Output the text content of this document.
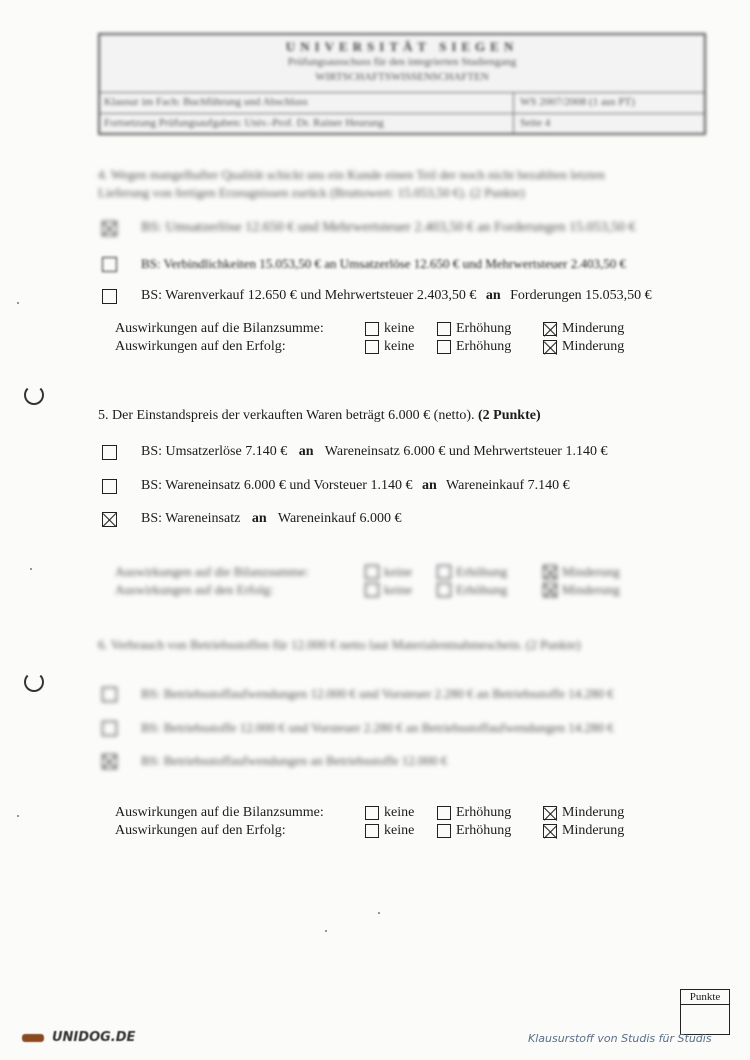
UNIVERSITÄT SIEGEN
Prüfungsausschuss für den integrierten Studiengang
WIRTSCHAFTSWISSENSCHAFTEN
Klausur im Fach: Buchführung und Abschluss	WS 2007/2008 (1 aus PT)
Fortsetzung Prüfungsaufgaben: Univ.-Prof. Dr. Rainer Heurung	Seite 4
4. Wegen mangelhafter Qualität schickt uns ein Kunde einen Teil der noch nicht bezahlten letzten
Lieferung von fertigen Erzeugnissen zurück (Bruttowert: 15.053,50 €). (2 Punkte)
BS: Umsatzerlöse 12.650 € und Mehrwertsteuer 2.403,50 € an Forderungen 15.053,50 €
BS: Verbindlichkeiten 15.053,50 € an Umsatzerlöse 12.650 € und Mehrwertsteuer 2.403,50 €
BS: Warenverkauf 12.650 € und Mehrwertsteuer 2.403,50 € an Forderungen 15.053,50 €
Auswirkungen auf die Bilanzsumme:	keine	Erhöhung	Minderung
Auswirkungen auf den Erfolg:	keine	Erhöhung	Minderung
5. Der Einstandspreis der verkauften Waren beträgt 6.000 € (netto). (2 Punkte)
BS: Umsatzerlöse 7.140 € an Wareneinsatz 6.000 € und Mehrwertsteuer 1.140 €
BS: Wareneinsatz 6.000 € und Vorsteuer 1.140 € an Wareneinkauf 7.140 €
BS: Wareneinsatz an Wareneinkauf 6.000 €
Auswirkungen auf die Bilanzsumme:	keine	Erhöhung	Minderung
Auswirkungen auf den Erfolg:	keine	Erhöhung	Minderung
6. Verbrauch von Betriebsstoffen für 12.000 € netto laut Materialentnahmeschein. (2 Punkte)
BS: Betriebsstoffaufwendungen 12.000 € und Vorsteuer 2.280 € an Betriebsstoffe 14.280 €
BS: Betriebsstoffe 12.000 € und Vorsteuer 2.280 € an Betriebsstoffaufwendungen 14.280 €
BS: Betriebsstoffaufwendungen an Betriebsstoffe 12.000 €
Auswirkungen auf die Bilanzsumme:	keine	Erhöhung	Minderung
Auswirkungen auf den Erfolg:	keine	Erhöhung	Minderung
Punkte
UNIDOG.DE	Klausurstoff von Studis für Studis
